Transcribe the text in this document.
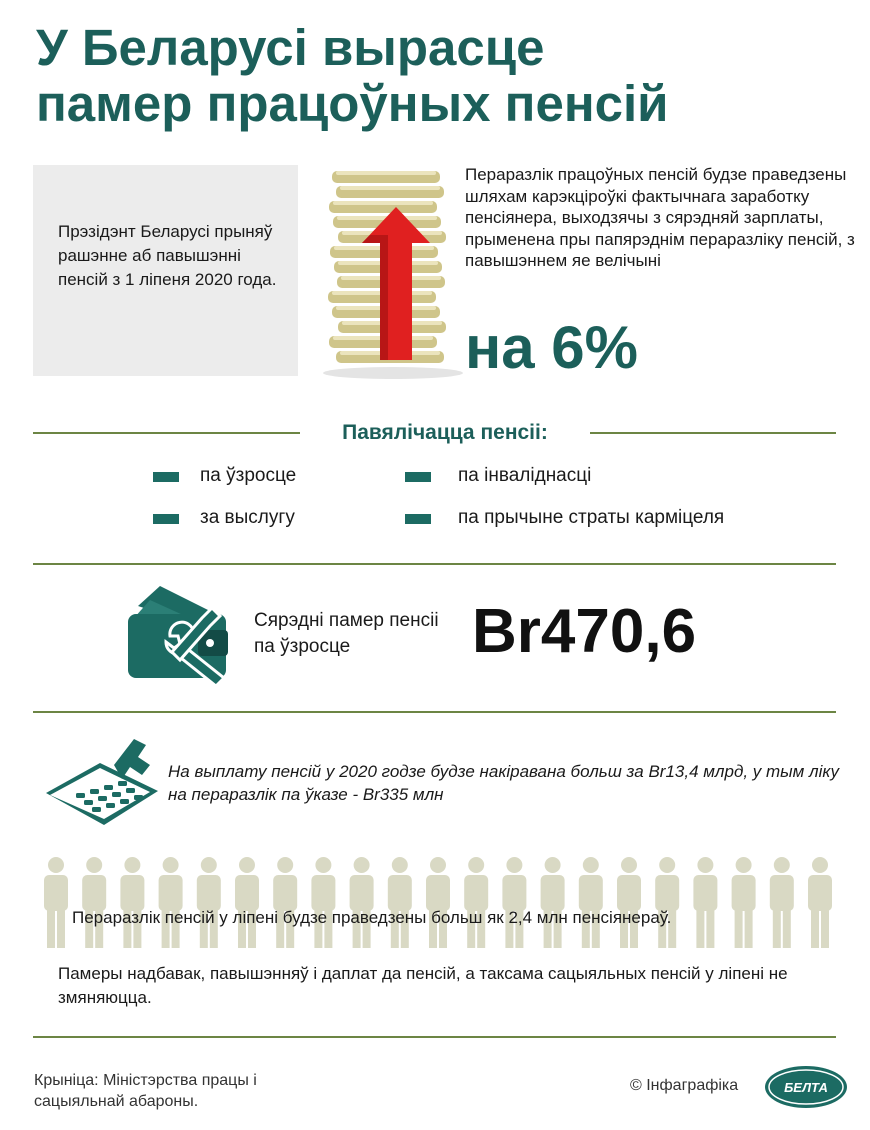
У Беларусі вырасце
памер працоўных пенсій

Прэзідэнт Беларусі прыняў рашэнне аб павышэнні пенсій з 1 ліпеня 2020 года.

Пераразлік працоўных пенсій будзе праведзены шляхам карэкціроўкі фактычнага заработку пенсіянера, выходзячы з сярэдняй зарплаты, прыменена пры папярэднім пераразліку пенсій, з павышэннем яе велічыні

на 6%
Павялічацца пенсіі:
па ўзросце	па інваліднасці
за выслугу	па прычыне страты карміцеля

Сярэдні памер пенсіі па ўзросце	Br470,6

На выплату пенсій у 2020 годзе будзе накіравана больш за Br13,4 млрд, у тым ліку на пераразлік па ўказе - Br335 млн

Пераразлік пенсій у ліпені будзе праведзены больш як 2,4 млн пенсіянераў.

Памеры надбавак, павышэнняў і даплат да пенсій, а таксама сацыяльных пенсій у ліпені не змяняюцца.

Крыніца: Міністэрства працы і сацыяльнай абароны.

© Інфаграфіка	БЕЛТА
